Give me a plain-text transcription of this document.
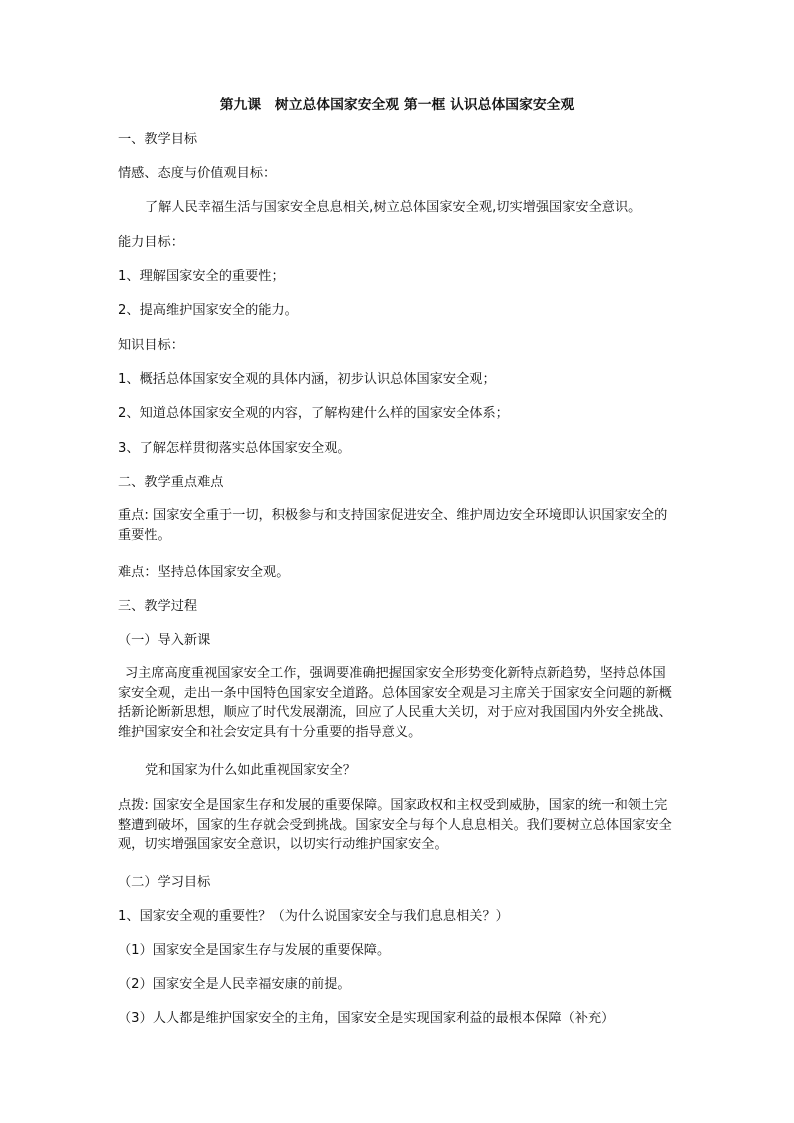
第九课　树立总体国家安全观 第一框 认识总体国家安全观
一、教学目标
情感、态度与价值观目标：
了解人民幸福生活与国家安全息息相关,树立总体国家安全观,切实增强国家安全意识。
能力目标：
1、理解国家安全的重要性；
2、提高维护国家安全的能力。
知识目标：
1、概括总体国家安全观的具体内涵，初步认识总体国家安全观；
2、知道总体国家安全观的内容，了解构建什么样的国家安全体系；
3、了解怎样贯彻落实总体国家安全观。
二、教学重点难点
重点: 国家安全重于一切，积极参与和支持国家促进安全、维护周边安全环境即认识国家安全的重要性。
难点：坚持总体国家安全观。
三、教学过程
（一）导入新课
习主席高度重视国家安全工作，强调要准确把握国家安全形势变化新特点新趋势，坚持总体国家安全观，走出一条中国特色国家安全道路。总体国家安全观是习主席关于国家安全问题的新概括新论断新思想，顺应了时代发展潮流，回应了人民重大关切，对于应对我国国内外安全挑战、维护国家安全和社会安定具有十分重要的指导意义。
党和国家为什么如此重视国家安全？
点拨: 国家安全是国家生存和发展的重要保障。国家政权和主权受到威胁，国家的统一和领土完整遭到破坏，国家的生存就会受到挑战。国家安全与每个人息息相关。我们要树立总体国家安全观，切实增强国家安全意识，以切实行动维护国家安全。
（二）学习目标
1、国家安全观的重要性？（为什么说国家安全与我们息息相关？）
（1）国家安全是国家生存与发展的重要保障。
（2）国家安全是人民幸福安康的前提。
（3）人人都是维护国家安全的主角，国家安全是实现国家利益的最根本保障（补充）
